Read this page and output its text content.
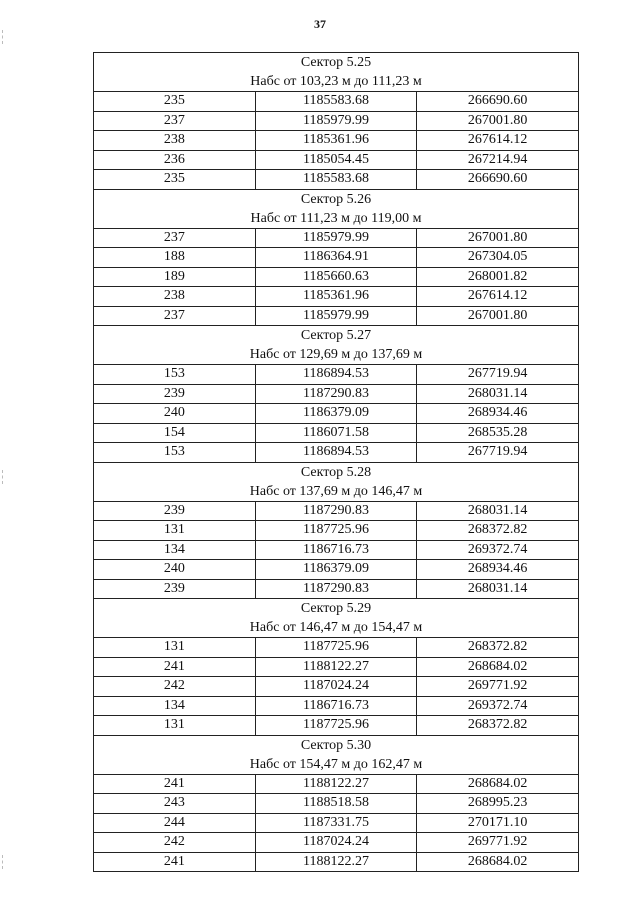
37
Сектор 5.25
Набс от 103,23 м до 111,23 м		

235	1185583.68	266690.60
237	1185979.99	267001.80
238	1185361.96	267614.12
236	1185054.45	267214.94
235	1185583.68	266690.60

Сектор 5.26
Набс от 111,23 м до 119,00 м		

237	1185979.99	267001.80
188	1186364.91	267304.05
189	1185660.63	268001.82
238	1185361.96	267614.12
237	1185979.99	267001.80

Сектор 5.27
Набс от 129,69 м до 137,69 м		

153	1186894.53	267719.94
239	1187290.83	268031.14
240	1186379.09	268934.46
154	1186071.58	268535.28
153	1186894.53	267719.94

Сектор 5.28
Набс от 137,69 м до 146,47 м		

239	1187290.83	268031.14
131	1187725.96	268372.82
134	1186716.73	269372.74
240	1186379.09	268934.46
239	1187290.83	268031.14

Сектор 5.29
Набс от 146,47 м до 154,47 м		

131	1187725.96	268372.82
241	1188122.27	268684.02
242	1187024.24	269771.92
134	1186716.73	269372.74
131	1187725.96	268372.82

Сектор 5.30
Набс от 154,47 м до 162,47 м		

241	1188122.27	268684.02
243	1188518.58	268995.23
244	1187331.75	270171.10
242	1187024.24	269771.92
241	1188122.27	268684.02
